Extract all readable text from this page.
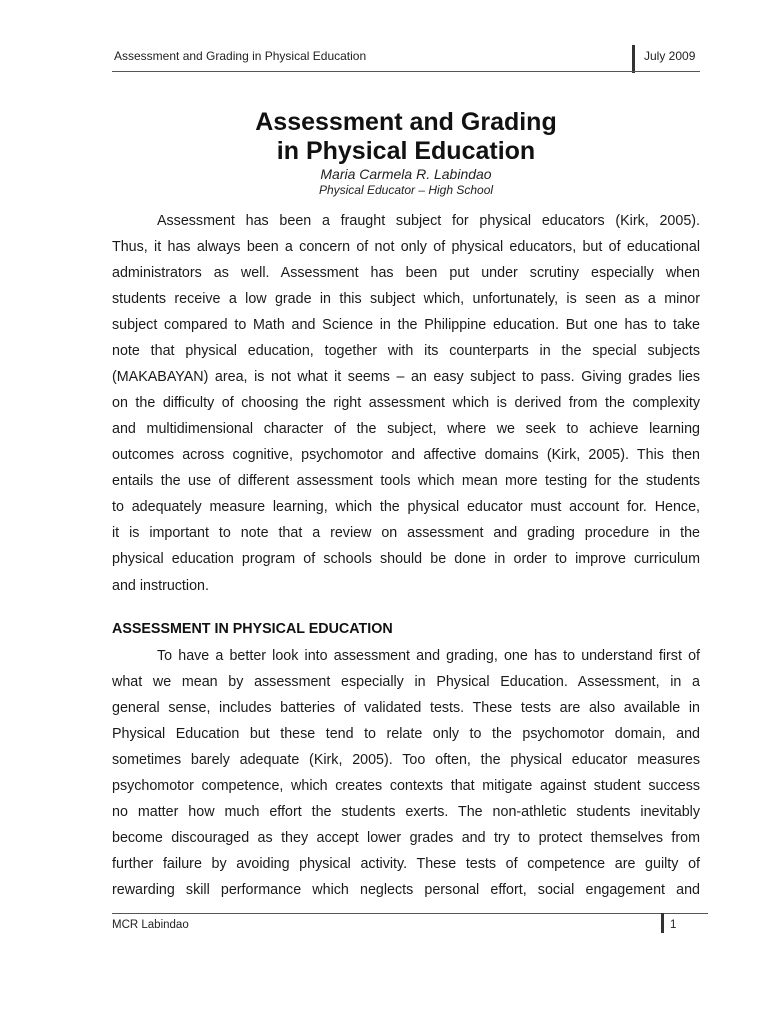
Assessment and Grading in Physical Education	July 2009
Assessment and Grading
in Physical Education
Maria Carmela R. Labindao
Physical Educator – High School
Assessment has been a fraught subject for physical educators (Kirk, 2005).
Thus, it has always been a concern of not only of physical educators, but of educational
administrators as well. Assessment has been put under scrutiny especially when
students receive a low grade in this subject which, unfortunately, is seen as a minor
subject compared to Math and Science in the Philippine education. But one has to take
note that physical education, together with its counterparts in the special subjects
(MAKABAYAN) area, is not what it seems – an easy subject to pass. Giving grades lies
on the difficulty of choosing the right assessment which is derived from the complexity
and multidimensional character of the subject, where we seek to achieve learning
outcomes across cognitive, psychomotor and affective domains (Kirk, 2005). This then
entails the use of different assessment tools which mean more testing for the students
to adequately measure learning, which the physical educator must account for. Hence,
it is important to note that a review on assessment and grading procedure in the
physical education program of schools should be done in order to improve curriculum
and instruction.
ASSESSMENT IN PHYSICAL EDUCATION
To have a better look into assessment and grading, one has to understand first of
what we mean by assessment especially in Physical Education. Assessment, in a
general sense, includes batteries of validated tests. These tests are also available in
Physical Education but these tend to relate only to the psychomotor domain, and
sometimes barely adequate (Kirk, 2005). Too often, the physical educator measures
psychomotor competence, which creates contexts that mitigate against student success
no matter how much effort the students exerts. The non-athletic students inevitably
become discouraged as they accept lower grades and try to protect themselves from
further failure by avoiding physical activity. These tests of competence are guilty of
rewarding skill performance which neglects personal effort, social engagement and
MCR Labindao	1
